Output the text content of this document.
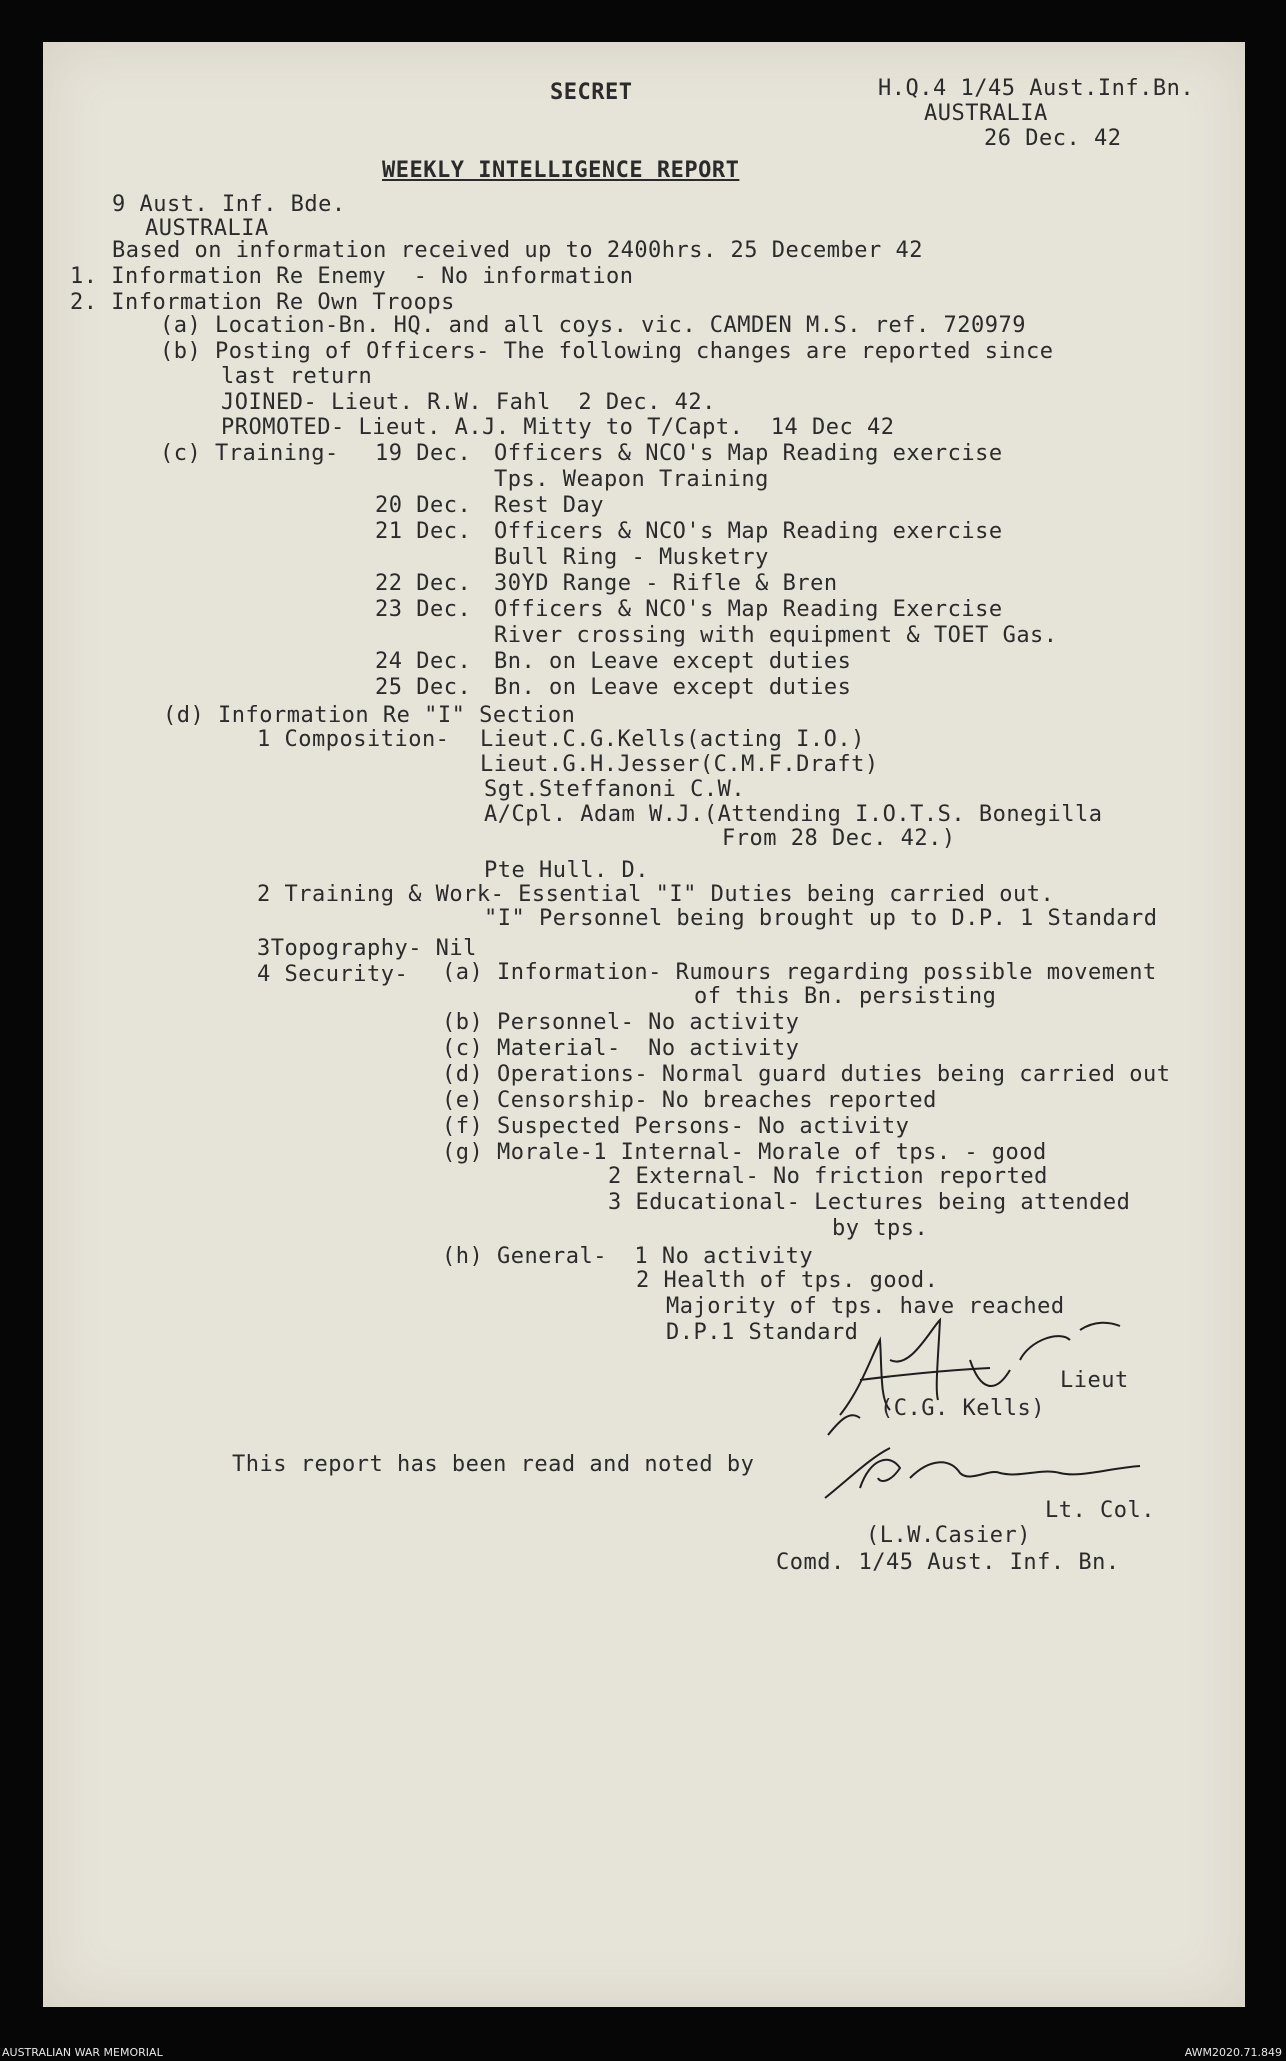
SECRET	H.Q.4 1/45 Aust.Inf.Bn.
AUSTRALIA
26 Dec. 42
WEEKLY INTELLIGENCE REPORT
9 Aust. Inf. Bde.
AUSTRALIA
Based on information received up to 2400hrs. 25 December 42
1. Information Re Enemy  - No information
2. Information Re Own Troops
(a) Location-Bn. HQ. and all coys. vic. CAMDEN M.S. ref. 720979
(b) Posting of Officers- The following changes are reported since
last return
JOINED- Lieut. R.W. Fahl  2 Dec. 42.
PROMOTED- Lieut. A.J. Mitty to T/Capt.  14 Dec 42
(c) Training- 19 Dec. Officers & NCO's Map Reading exercise
Tps. Weapon Training
20 Dec. Rest Day
21 Dec. Officers & NCO's Map Reading exercise
Bull Ring - Musketry
22 Dec. 30YD Range - Rifle & Bren
23 Dec. Officers & NCO's Map Reading Exercise
River crossing with equipment & TOET Gas.
24 Dec. Bn. on Leave except duties
25 Dec. Bn. on Leave except duties
(d) Information Re "I" Section
1 Composition- Lieut.C.G.Kells(acting I.O.)
Lieut.G.H.Jesser(C.M.F.Draft)
Sgt.Steffanoni C.W.
A/Cpl. Adam W.J.(Attending I.O.T.S. Bonegilla
From 28 Dec. 42.)
Pte Hull. D.
2 Training & Work- Essential "I" Duties being carried out.
"I" Personnel being brought up to D.P. 1 Standard
3Topography- Nil
4 Security- (a) Information- Rumours regarding possible movement
of this Bn. persisting
(b) Personnel- No activity
(c) Material-  No activity
(d) Operations- Normal guard duties being carried out
(e) Censorship- No breaches reported
(f) Suspected Persons- No activity
(g) Morale-1 Internal- Morale of tps. - good
2 External- No friction reported
3 Educational- Lectures being attended
by tps.
(h) General-  1 No activity
2 Health of tps. good.
Majority of tps. have reached
D.P.1 Standard
Lieut
(C.G. Kells)
This report has been read and noted by
Lt. Col.
(L.W.Casier)
Comd. 1/45 Aust. Inf. Bn.
AUSTRALIAN WAR MEMORIAL	AWM2020.71.849
